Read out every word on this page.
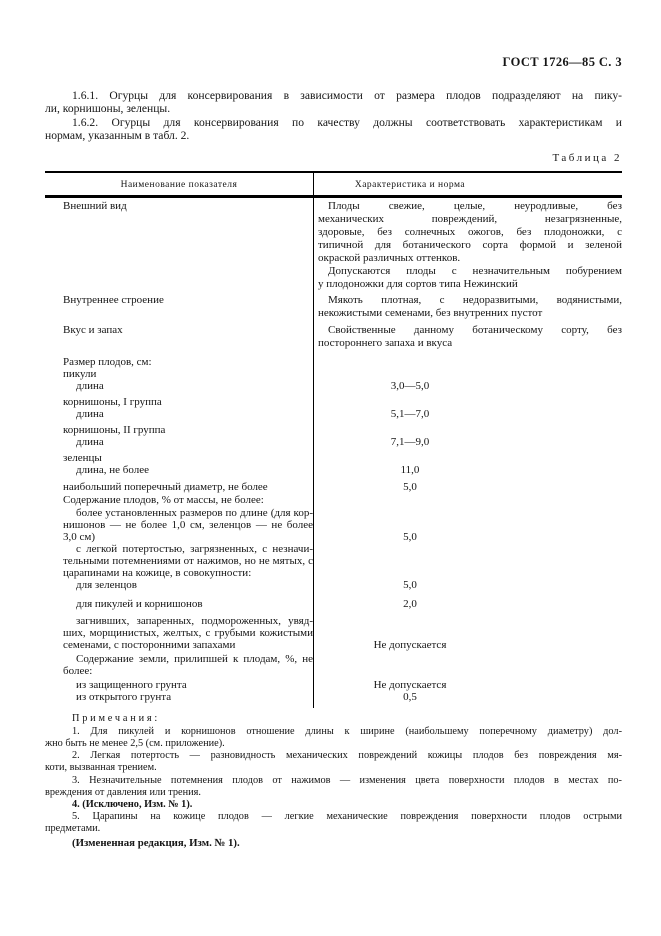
ГОСТ 1726—85 С. 3
1.6.1. Огурцы для консервирования в зависимости от размера плодов подразделяют на пику-
ли, корнишоны, зеленцы.
1.6.2. Огурцы для консервирования по качеству должны соответствовать характеристикам и
нормам, указанным в табл. 2.
Таблица 2
Наименование показателя	Характеристика и норма
Внешний вид	Плоды свежие, целые, неуродливые, без
механических повреждений, незагрязненные,
здоровые, без солнечных ожогов, без плодоножки, с
типичной для ботанического сорта формой и зеленой
окраской различных оттенков.
Допускаются плоды с незначительным побурением
у плодоножки для сортов типа Нежинский
Внутреннее строение	Мякоть плотная, с недоразвитыми, водянистыми,
некожистыми семенами, без внутренних пустот
Вкус и запах	Свойственные данному ботаническому сорту, без
постороннего запаха и вкуса
Размер плодов, см:
пикули
длина	3,0—5,0
корнишоны, I группа
длина	5,1—7,0
корнишоны, II группа
длина	7,1—9,0
зеленцы
длина, не более	11,0
наибольший поперечный диаметр, не более	5,0
Содержание плодов, % от массы, не более:
более установленных размеров по длине (для кор-
нишонов — не более 1,0 см, зеленцов — не более
3,0 см)	5,0
с легкой потертостью, загрязненных, с незначи-
тельными потемнениями от нажимов, но не мятых, с
царапинами на кожице, в совокупности:
для зеленцов	5,0
для пикулей и корнишонов	2,0
загнивших, запаренных, подмороженных, увяд-
ших, морщинистых, желтых, с грубыми кожистыми
семенами, с посторонними запахами	Не допускается
Содержание земли, прилипшей к плодам, %, не
более:
из защищенного грунта	Не допускается
из открытого грунта	0,5
Примечания:
1. Для пикулей и корнишонов отношение длины к ширине (наибольшему поперечному диаметру) дол-
жно быть не менее 2,5 (см. приложение).
2. Легкая потертость — разновидность механических повреждений кожицы плодов без повреждения мя-
коти, вызванная трением.
3. Незначительные потемнения плодов от нажимов — изменения цвета поверхности плодов в местах по-
вреждения от давления или трения.
4. (Исключено, Изм. № 1).
5. Царапины на кожице плодов — легкие механические повреждения поверхности плодов острыми
предметами.
(Измененная редакция, Изм. № 1).
